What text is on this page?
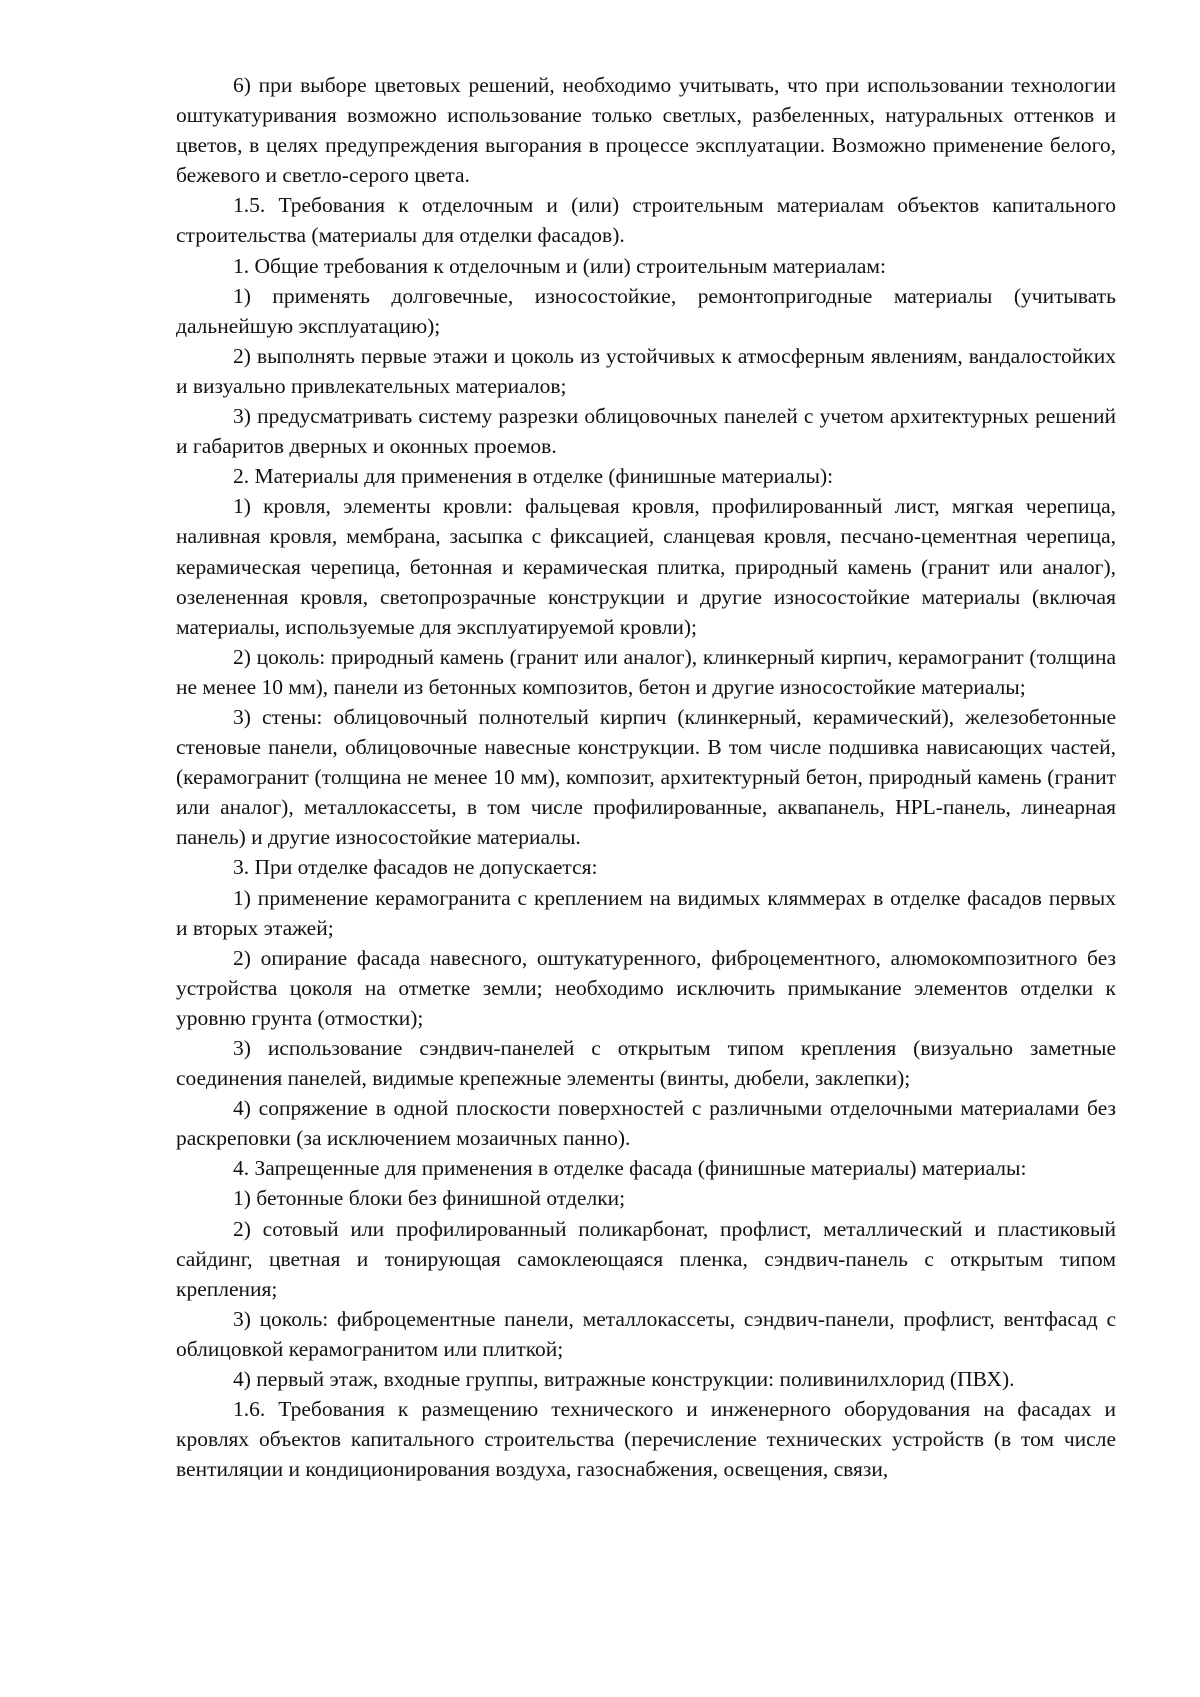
6) при выборе цветовых решений, необходимо учитывать, что при использовании технологии оштукатуривания возможно использование только светлых, разбеленных, натуральных оттенков и цветов, в целях предупреждения выгорания в процессе эксплуатации. Возможно применение белого, бежевого и светло-серого цвета.

1.5. Требования к отделочным и (или) строительным материалам объектов капитального строительства (материалы для отделки фасадов).

1. Общие требования к отделочным и (или) строительным материалам:

1) применять долговечные, износостойкие, ремонтопригодные материалы (учитывать дальнейшую эксплуатацию);

2) выполнять первые этажи и цоколь из устойчивых к атмосферным явлениям, вандалостойких и визуально привлекательных материалов;

3) предусматривать систему разрезки облицовочных панелей с учетом архитектурных решений и габаритов дверных и оконных проемов.

2. Материалы для применения в отделке (финишные материалы):

1) кровля, элементы кровли: фальцевая кровля, профилированный лист, мягкая черепица, наливная кровля, мембрана, засыпка с фиксацией, сланцевая кровля, песчано-цементная черепица, керамическая черепица, бетонная и керамическая плитка, природный камень (гранит или аналог), озелененная кровля, светопрозрачные конструкции и другие износостойкие материалы (включая материалы, используемые для эксплуатируемой кровли);

2) цоколь: природный камень (гранит или аналог), клинкерный кирпич, керамогранит (толщина не менее 10 мм), панели из бетонных композитов, бетон и другие износостойкие материалы;

3) стены: облицовочный полнотелый кирпич (клинкерный, керамический), железобетонные стеновые панели, облицовочные навесные конструкции. В том числе подшивка нависающих частей, (керамогранит (толщина не менее 10 мм), композит, архитектурный бетон, природный камень (гранит или аналог), металлокассеты, в том числе профилированные, аквапанель, HPL-панель, линеарная панель) и другие износостойкие материалы.

3. При отделке фасадов не допускается:

1) применение керамогранита с креплением на видимых кляммерах в отделке фасадов первых и вторых этажей;

2) опирание фасада навесного, оштукатуренного, фиброцементного, алюмокомпозитного без устройства цоколя на отметке земли; необходимо исключить примыкание элементов отделки к уровню грунта (отмостки);

3) использование сэндвич-панелей с открытым типом крепления (визуально заметные соединения панелей, видимые крепежные элементы (винты, дюбели, заклепки);

4) сопряжение в одной плоскости поверхностей с различными отделочными материалами без раскреповки (за исключением мозаичных панно).

4. Запрещенные для применения в отделке фасада (финишные материалы) материалы:

1) бетонные блоки без финишной отделки;

2) сотовый или профилированный поликарбонат, профлист, металлический и пластиковый сайдинг, цветная и тонирующая самоклеющаяся пленка, сэндвич-панель с открытым типом крепления;

3) цоколь: фиброцементные панели, металлокассеты, сэндвич-панели, профлист, вентфасад с облицовкой керамогранитом или плиткой;

4) первый этаж, входные группы, витражные конструкции: поливинилхлорид (ПВХ).

1.6. Требования к размещению технического и инженерного оборудования на фасадах и кровлях объектов капитального строительства (перечисление технических устройств (в том числе вентиляции и кондиционирования воздуха, газоснабжения, освещения, связи,
